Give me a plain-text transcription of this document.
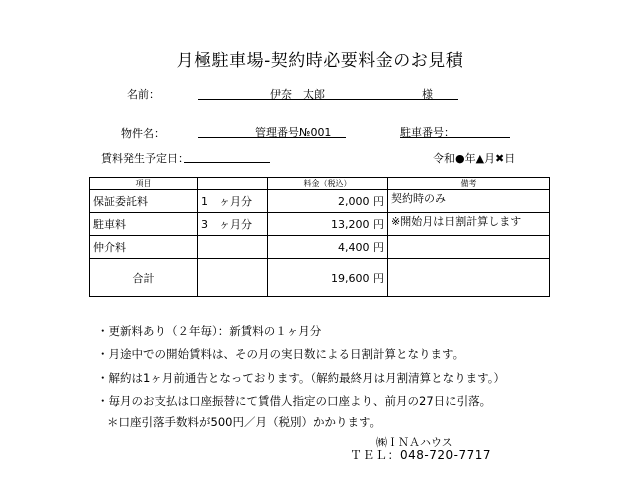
月極駐車場-契約時必要料金のお見積
名前：	伊奈　太郎	様
物件名：	管理番号№001	駐車番号：
賃料発生予定日：	令和●年▲月✖日
項目		料金（税込）	備考
保証委託料	1　ヶ月分	2,000 円	契約時のみ
駐車料	3　ヶ月分	13,200 円	※開始月は日割計算します
仲介料		4,400 円	
合計		19,600 円	
・更新料あり（２年毎）：新賃料の１ヶ月分
・月途中での開始賃料は、その月の実日数による日割計算となります。
・解約は1ヶ月前通告となっております。（解約最終月は月割清算となります。）
・毎月のお支払は口座振替にて賃借人指定の口座より、前月の27日に引落。
＊口座引落手数料が500円／月（税別）かかります。
㈱ＩＮＡハウス
ＴＥＬ：048-720-7717
